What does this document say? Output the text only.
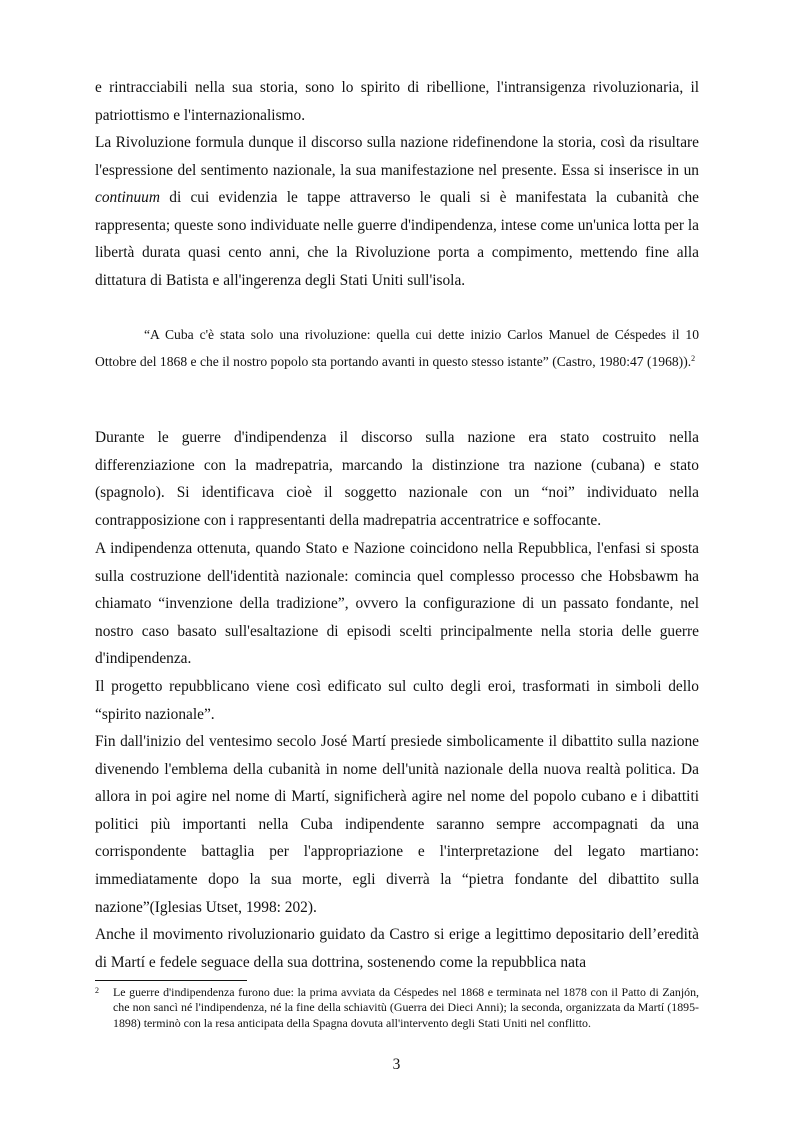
e rintracciabili nella sua storia, sono lo spirito di ribellione, l'intransigenza rivoluzionaria, il patriottismo e l'internazionalismo.

La Rivoluzione formula dunque il discorso sulla nazione ridefinendone la storia, così da risultare l'espressione del sentimento nazionale, la sua manifestazione nel presente. Essa si inserisce in un continuum di cui evidenzia le tappe attraverso le quali si è manifestata la cubanità che rappresenta; queste sono individuate nelle guerre d'indipendenza, intese come un'unica lotta per la libertà durata quasi cento anni, che la Rivoluzione porta a compimento, mettendo fine alla dittatura di Batista e all'ingerenza degli Stati Uniti sull'isola.

“A Cuba c'è stata solo una rivoluzione: quella cui dette inizio Carlos Manuel de Céspedes il 10 Ottobre del 1868 e che il nostro popolo sta portando avanti in questo stesso istante” (Castro, 1980:47 (1968)).$^2$

Durante le guerre d'indipendenza il discorso sulla nazione era stato costruito nella differenziazione con la madrepatria, marcando la distinzione tra nazione (cubana) e stato (spagnolo). Si identificava cioè il soggetto nazionale con un “noi” individuato nella contrapposizione con i rappresentanti della madrepatria accentratrice e soffocante.

A indipendenza ottenuta, quando Stato e Nazione coincidono nella Repubblica, l'enfasi si sposta sulla costruzione dell'identità nazionale: comincia quel complesso processo che Hobsbawm ha chiamato “invenzione della tradizione”, ovvero la configurazione di un passato fondante, nel nostro caso basato sull'esaltazione di episodi scelti principalmente nella storia delle guerre d'indipendenza.

Il progetto repubblicano viene così edificato sul culto degli eroi, trasformati in simboli dello “spirito nazionale”.

Fin dall'inizio del ventesimo secolo José Martí presiede simbolicamente il dibattito sulla nazione divenendo l'emblema della cubanità in nome dell'unità nazionale della nuova realtà politica. Da allora in poi agire nel nome di Martí, significherà agire nel nome del popolo cubano e i dibattiti politici più importanti nella Cuba indipendente saranno sempre accompagnati da una corrispondente battaglia per l'appropriazione e l'interpretazione del legato martiano: immediatamente dopo la sua morte, egli diverrà la “pietra fondante del dibattito sulla nazione”(Iglesias Utset, 1998: 202).

Anche il movimento rivoluzionario guidato da Castro si erige a legittimo depositario dell’eredità di Martí e fedele seguace della sua dottrina, sostenendo come la repubblica nata

2 Le guerre d'indipendenza furono due: la prima avviata da Céspedes nel 1868 e terminata nel 1878 con il Patto di Zanjón, che non sancì né l'indipendenza, né la fine della schiavitù (Guerra dei Dieci Anni); la seconda, organizzata da Martí (1895-1898) terminò con la resa anticipata della Spagna dovuta all'intervento degli Stati Uniti nel conflitto.
3
